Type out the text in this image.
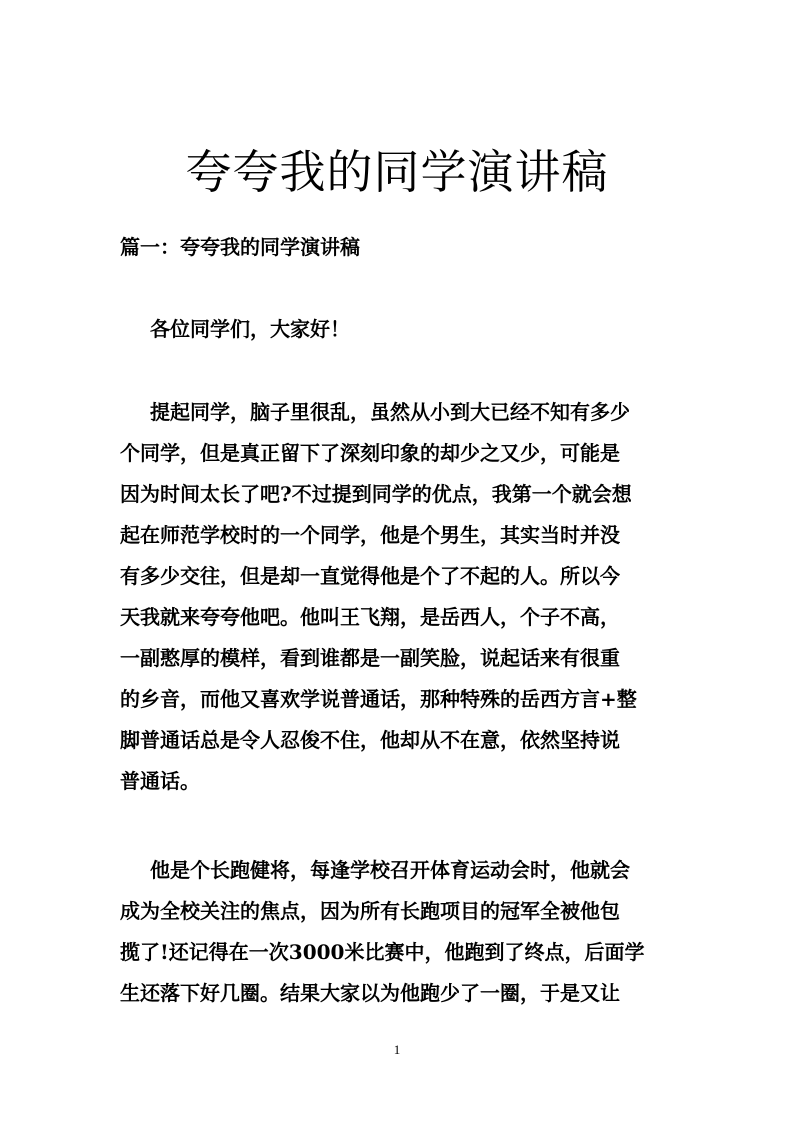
夸夸我的同学演讲稿

篇一：夸夸我的同学演讲稿

各位同学们，大家好！

提起同学，脑子里很乱，虽然从小到大已经不知有多少
个同学，但是真正留下了深刻印象的却少之又少，可能是
因为时间太长了吧?不过提到同学的优点，我第一个就会想
起在师范学校时的一个同学，他是个男生，其实当时并没
有多少交往，但是却一直觉得他是个了不起的人。所以今
天我就来夸夸他吧。他叫王飞翔，是岳西人，个子不高，
一副憨厚的模样，看到谁都是一副笑脸，说起话来有很重
的乡音，而他又喜欢学说普通话，那种特殊的岳西方言+整
脚普通话总是令人忍俊不住，他却从不在意，依然坚持说
普通话。
他是个长跑健将，每逢学校召开体育运动会时，他就会
成为全校关注的焦点，因为所有长跑项目的冠军全被他包
揽了!还记得在一次3000米比赛中，他跑到了终点，后面学
生还落下好几圈。结果大家以为他跑少了一圈，于是又让
1
